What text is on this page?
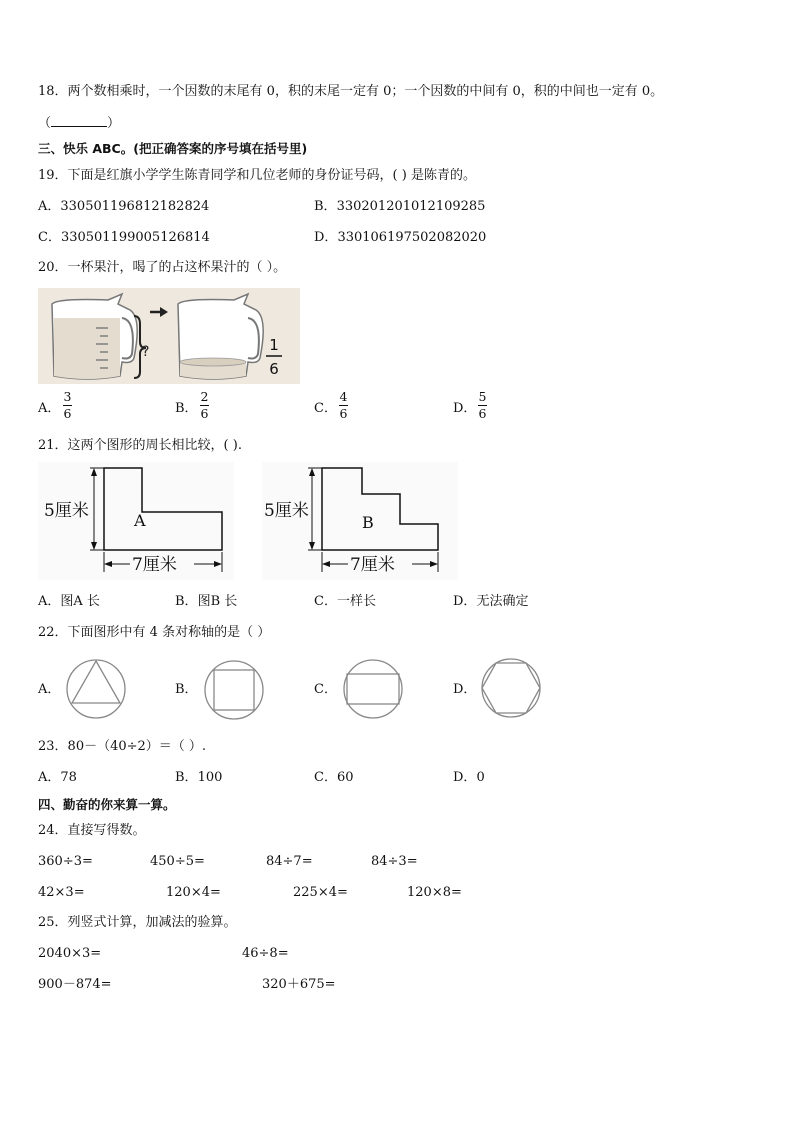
18．两个数相乘时，一个因数的末尾有 0，积的末尾一定有 0；一个因数的中间有 0，积的中间也一定有 0。
（	）
三、快乐 ABC。(把正确答案的序号填在括号里)
19．下面是红旗小学学生陈青同学和几位老师的身份证号码，( ) 是陈青的。
A．330501196812182824	B．330201201012109285
C．330501199005126814	D．330106197502082020
20．一杯果汁，喝了的占这杯果汁的（ ）。
?	1
6
A．
3
6	B．
2
6	C．
4
6	D．
5
6
21．这两个图形的周长相比较，( ).
5厘米	A
7厘米
5厘米
B
7厘米
A．图A 长	B．图B 长	C．一样长	D．无法确定
22．下面图形中有 4 条对称轴的是（ ）
A．	B．	C．	D．
23．80－（40÷2）＝（ ）.
A．78	B．100	C．60	D．0
四、勤奋的你来算一算。
24．直接写得数。
360÷3=	450÷5=	84÷7=	84÷3=
42×3=	120×4=	225×4=	120×8=
25．列竖式计算，加减法的验算。
2040×3=	46÷8=
900－874=	320＋675=
